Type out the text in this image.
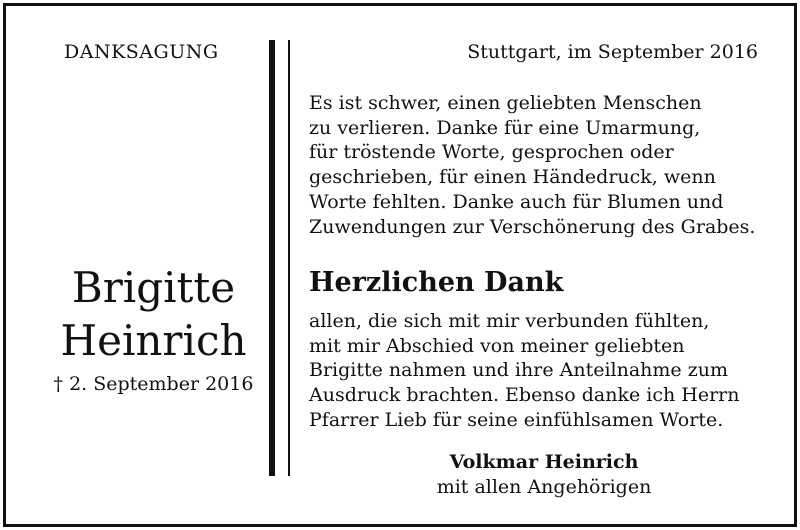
DANKSAGUNG
Brigitte
Heinrich
† 2. September 2016
Stuttgart, im September 2016
Es ist schwer, einen geliebten Menschen
zu verlieren. Danke für eine Umarmung,
für tröstende Worte, gesprochen oder
geschrieben, für einen Händedruck, wenn
Worte fehlten. Danke auch für Blumen und
Zuwendungen zur Verschönerung des Grabes.
Herzlichen Dank
allen, die sich mit mir verbunden fühlten,
mit mir Abschied von meiner geliebten
Brigitte nahmen und ihre Anteilnahme zum
Ausdruck brachten. Ebenso danke ich Herrn
Pfarrer Lieb für seine einfühlsamen Worte.
Volkmar Heinrich
mit allen Angehörigen
